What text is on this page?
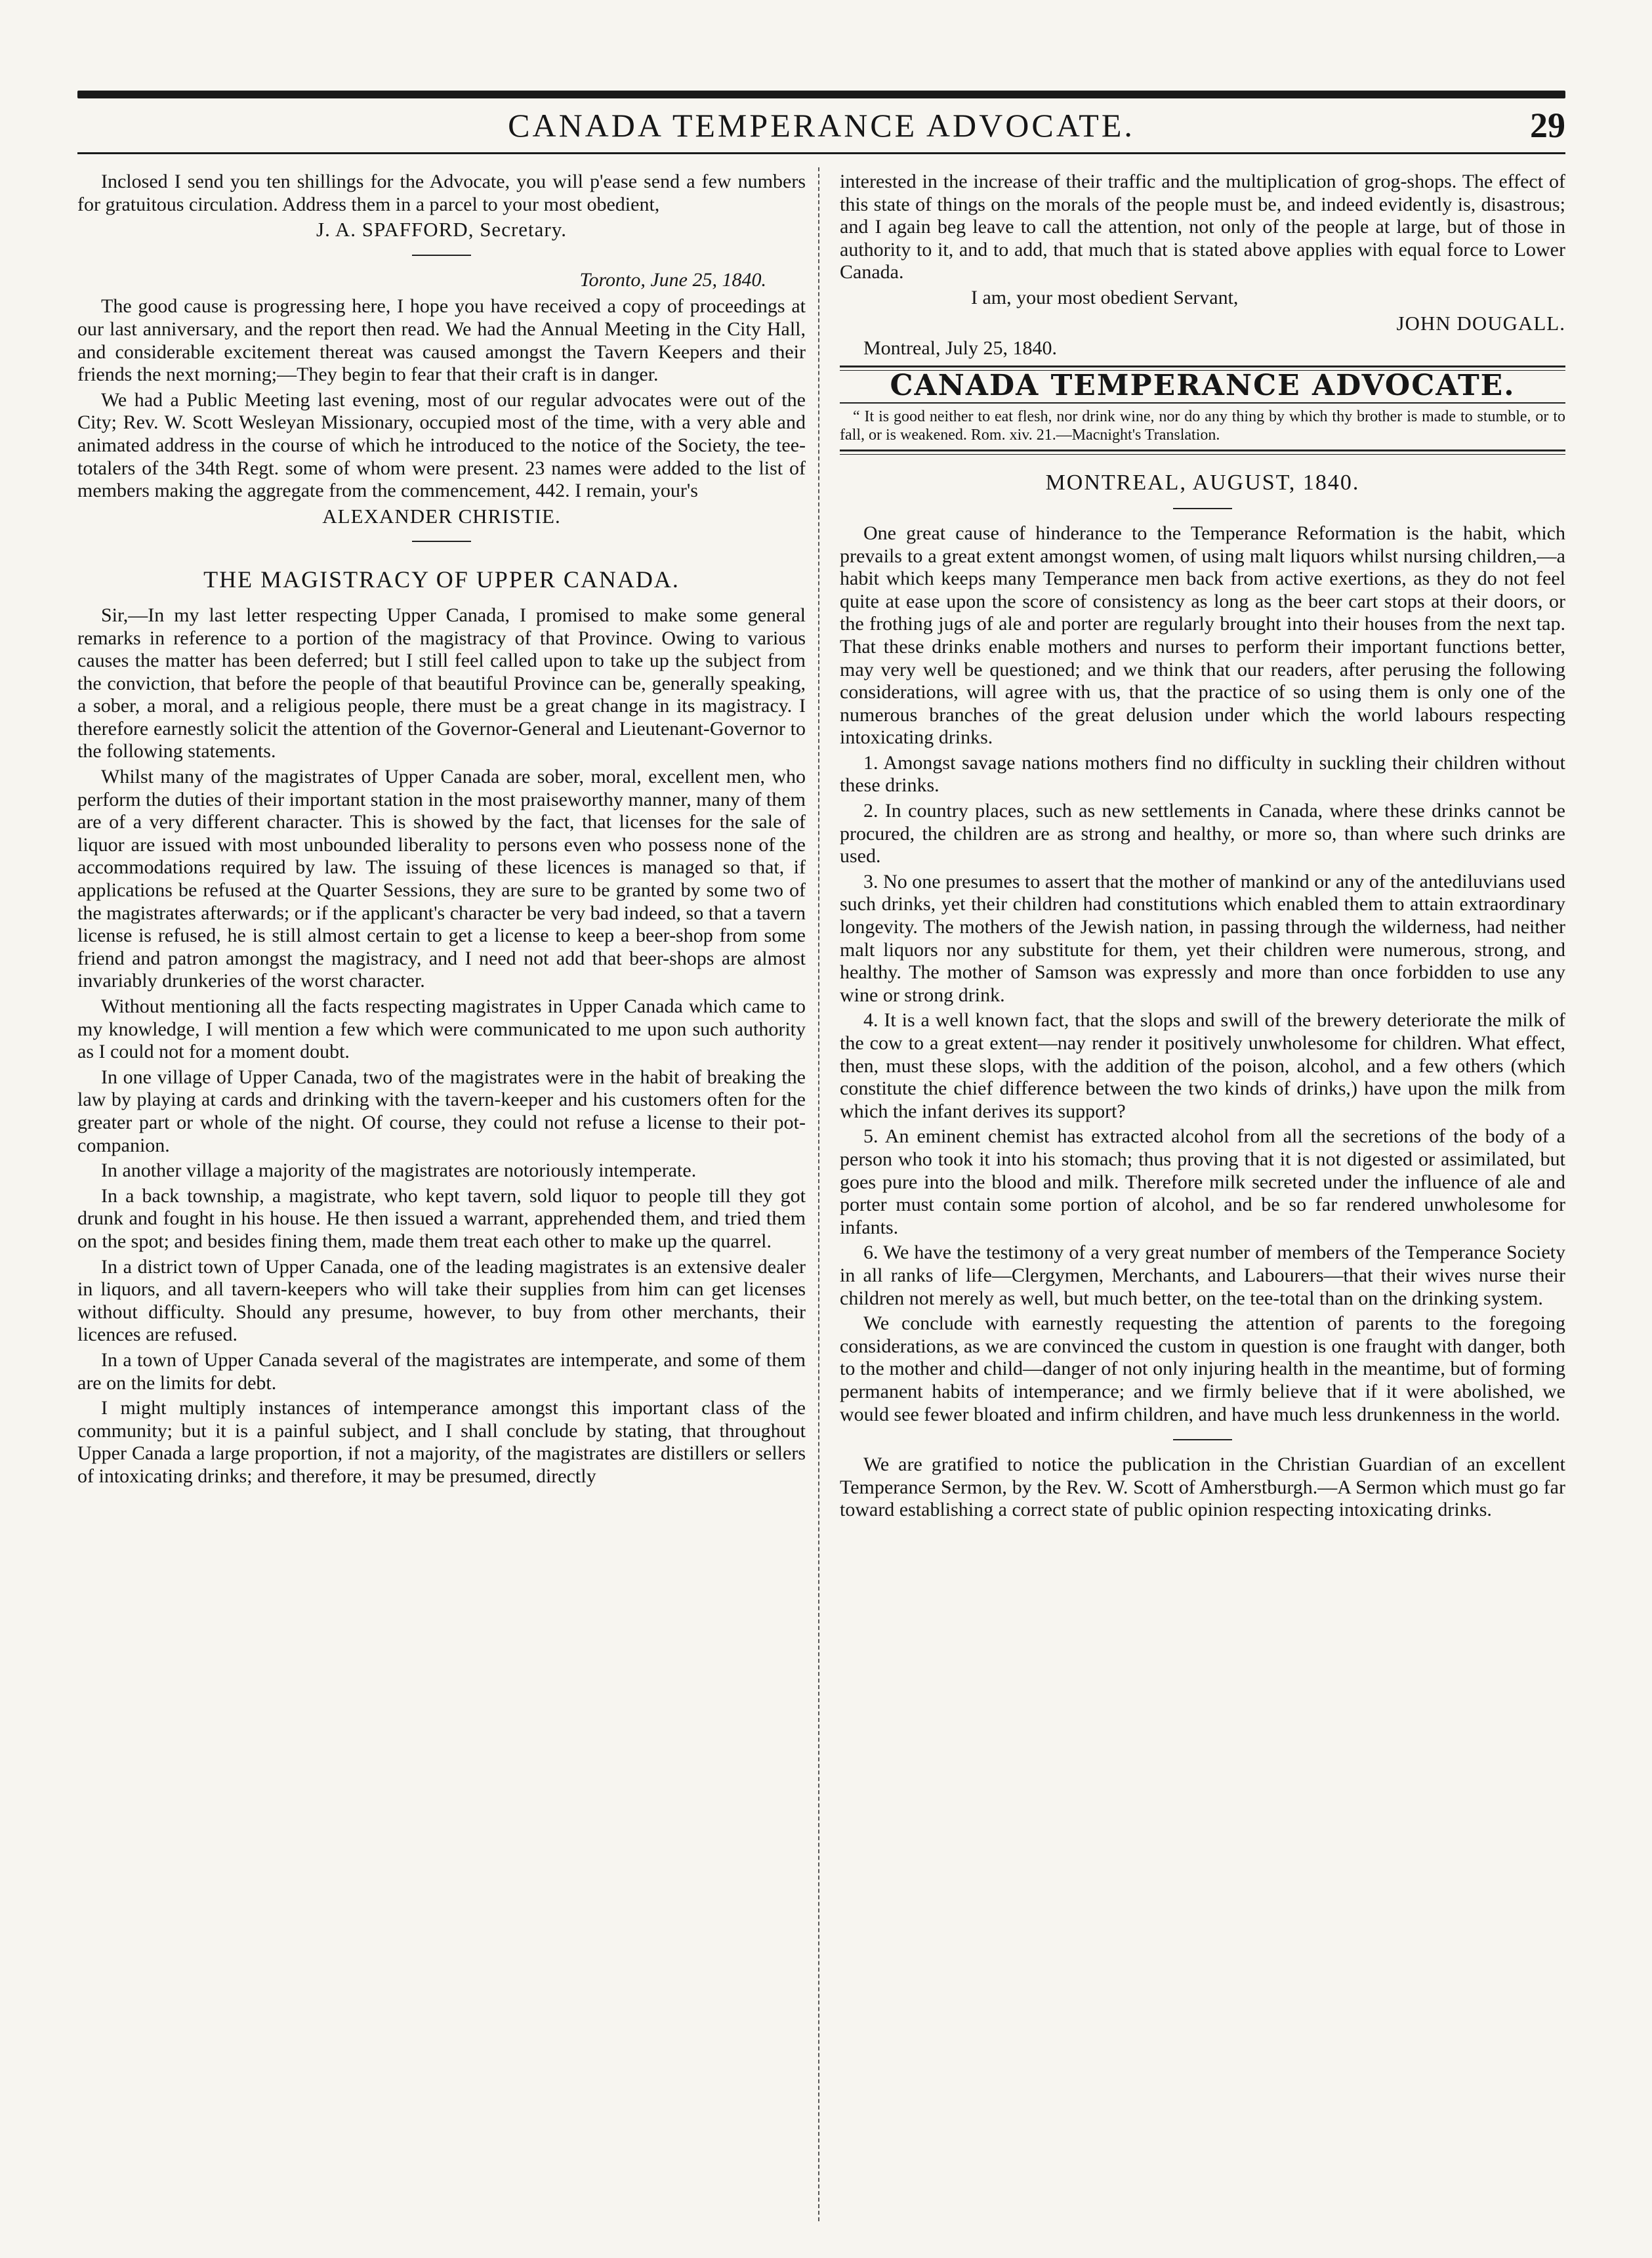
CANADA TEMPERANCE ADVOCATE.	29

Inclosed I send you ten shillings for the Advocate, you will p'ease send a few numbers for gratuitous circulation. Address them in a parcel to your most obedient,

J. A. SPAFFORD, Secretary.

Toronto, June 25, 1840.

The good cause is progressing here, I hope you have received a copy of proceedings at our last anniversary, and the report then read. We had the Annual Meeting in the City Hall, and considerable excitement thereat was caused amongst the Tavern Keepers and their friends the next morning;—They begin to fear that their craft is in danger.

We had a Public Meeting last evening, most of our regular advocates were out of the City; Rev. W. Scott Wesleyan Missionary, occupied most of the time, with a very able and animated address in the course of which he introduced to the notice of the Society, the tee-totalers of the 34th Regt. some of whom were present. 23 names were added to the list of members making the aggregate from the commencement, 442. I remain, your's

ALEXANDER CHRISTIE.

THE MAGISTRACY OF UPPER CANADA.

Sir,—In my last letter respecting Upper Canada, I promised to make some general remarks in reference to a portion of the magistracy of that Province. Owing to various causes the matter has been deferred; but I still feel called upon to take up the subject from the conviction, that before the people of that beautiful Province can be, generally speaking, a sober, a moral, and a religious people, there must be a great change in its magistracy. I therefore earnestly solicit the attention of the Governor-General and Lieutenant-Governor to the following statements.

Whilst many of the magistrates of Upper Canada are sober, moral, excellent men, who perform the duties of their important station in the most praiseworthy manner, many of them are of a very different character. This is showed by the fact, that licenses for the sale of liquor are issued with most unbounded liberality to persons even who possess none of the accommodations required by law. The issuing of these licences is managed so that, if applications be refused at the Quarter Sessions, they are sure to be granted by some two of the magistrates afterwards; or if the applicant's character be very bad indeed, so that a tavern license is refused, he is still almost certain to get a license to keep a beer-shop from some friend and patron amongst the magistracy, and I need not add that beer-shops are almost invariably drunkeries of the worst character.

Without mentioning all the facts respecting magistrates in Upper Canada which came to my knowledge, I will mention a few which were communicated to me upon such authority as I could not for a moment doubt.

In one village of Upper Canada, two of the magistrates were in the habit of breaking the law by playing at cards and drinking with the tavern-keeper and his customers often for the greater part or whole of the night. Of course, they could not refuse a license to their pot-companion.

In another village a majority of the magistrates are notoriously intemperate.

In a back township, a magistrate, who kept tavern, sold liquor to people till they got drunk and fought in his house. He then issued a warrant, apprehended them, and tried them on the spot; and besides fining them, made them treat each other to make up the quarrel.

In a district town of Upper Canada, one of the leading magistrates is an extensive dealer in liquors, and all tavern-keepers who will take their supplies from him can get licenses without difficulty. Should any presume, however, to buy from other merchants, their licences are refused.

In a town of Upper Canada several of the magistrates are intemperate, and some of them are on the limits for debt.

I might multiply instances of intemperance amongst this important class of the community; but it is a painful subject, and I shall conclude by stating, that throughout Upper Canada a large proportion, if not a majority, of the magistrates are distillers or sellers of intoxicating drinks; and therefore, it may be presumed, directly

interested in the increase of their traffic and the multiplication of grog-shops. The effect of this state of things on the morals of the people must be, and indeed evidently is, disastrous; and I again beg leave to call the attention, not only of the people at large, but of those in authority to it, and to add, that much that is stated above applies with equal force to Lower Canada.

I am, your most obedient Servant,

JOHN DOUGALL.

Montreal, July 25, 1840.

CANADA TEMPERANCE ADVOCATE.

“ It is good neither to eat flesh, nor drink wine, nor do any thing by which thy brother is made to stumble, or to fall, or is weakened. Rom. xiv. 21.—Macnight's Translation.

MONTREAL, AUGUST, 1840.

One great cause of hinderance to the Temperance Reformation is the habit, which prevails to a great extent amongst women, of using malt liquors whilst nursing children,—a habit which keeps many Temperance men back from active exertions, as they do not feel quite at ease upon the score of consistency as long as the beer cart stops at their doors, or the frothing jugs of ale and porter are regularly brought into their houses from the next tap. That these drinks enable mothers and nurses to perform their important functions better, may very well be questioned; and we think that our readers, after perusing the following considerations, will agree with us, that the practice of so using them is only one of the numerous branches of the great delusion under which the world labours respecting intoxicating drinks.

1. Amongst savage nations mothers find no difficulty in suckling their children without these drinks.

2. In country places, such as new settlements in Canada, where these drinks cannot be procured, the children are as strong and healthy, or more so, than where such drinks are used.

3. No one presumes to assert that the mother of mankind or any of the antediluvians used such drinks, yet their children had constitutions which enabled them to attain extraordinary longevity. The mothers of the Jewish nation, in passing through the wilderness, had neither malt liquors nor any substitute for them, yet their children were numerous, strong, and healthy. The mother of Samson was expressly and more than once forbidden to use any wine or strong drink.

4. It is a well known fact, that the slops and swill of the brewery deteriorate the milk of the cow to a great extent—nay render it positively unwholesome for children. What effect, then, must these slops, with the addition of the poison, alcohol, and a few others (which constitute the chief difference between the two kinds of drinks,) have upon the milk from which the infant derives its support?

5. An eminent chemist has extracted alcohol from all the secretions of the body of a person who took it into his stomach; thus proving that it is not digested or assimilated, but goes pure into the blood and milk. Therefore milk secreted under the influence of ale and porter must contain some portion of alcohol, and be so far rendered unwholesome for infants.

6. We have the testimony of a very great number of members of the Temperance Society in all ranks of life—Clergymen, Merchants, and Labourers—that their wives nurse their children not merely as well, but much better, on the tee-total than on the drinking system.

We conclude with earnestly requesting the attention of parents to the foregoing considerations, as we are convinced the custom in question is one fraught with danger, both to the mother and child—danger of not only injuring health in the meantime, but of forming permanent habits of intemperance; and we firmly believe that if it were abolished, we would see fewer bloated and infirm children, and have much less drunkenness in the world.

We are gratified to notice the publication in the Christian Guardian of an excellent Temperance Sermon, by the Rev. W. Scott of Amherstburgh.—A Sermon which must go far toward establishing a correct state of public opinion respecting intoxicating drinks.
